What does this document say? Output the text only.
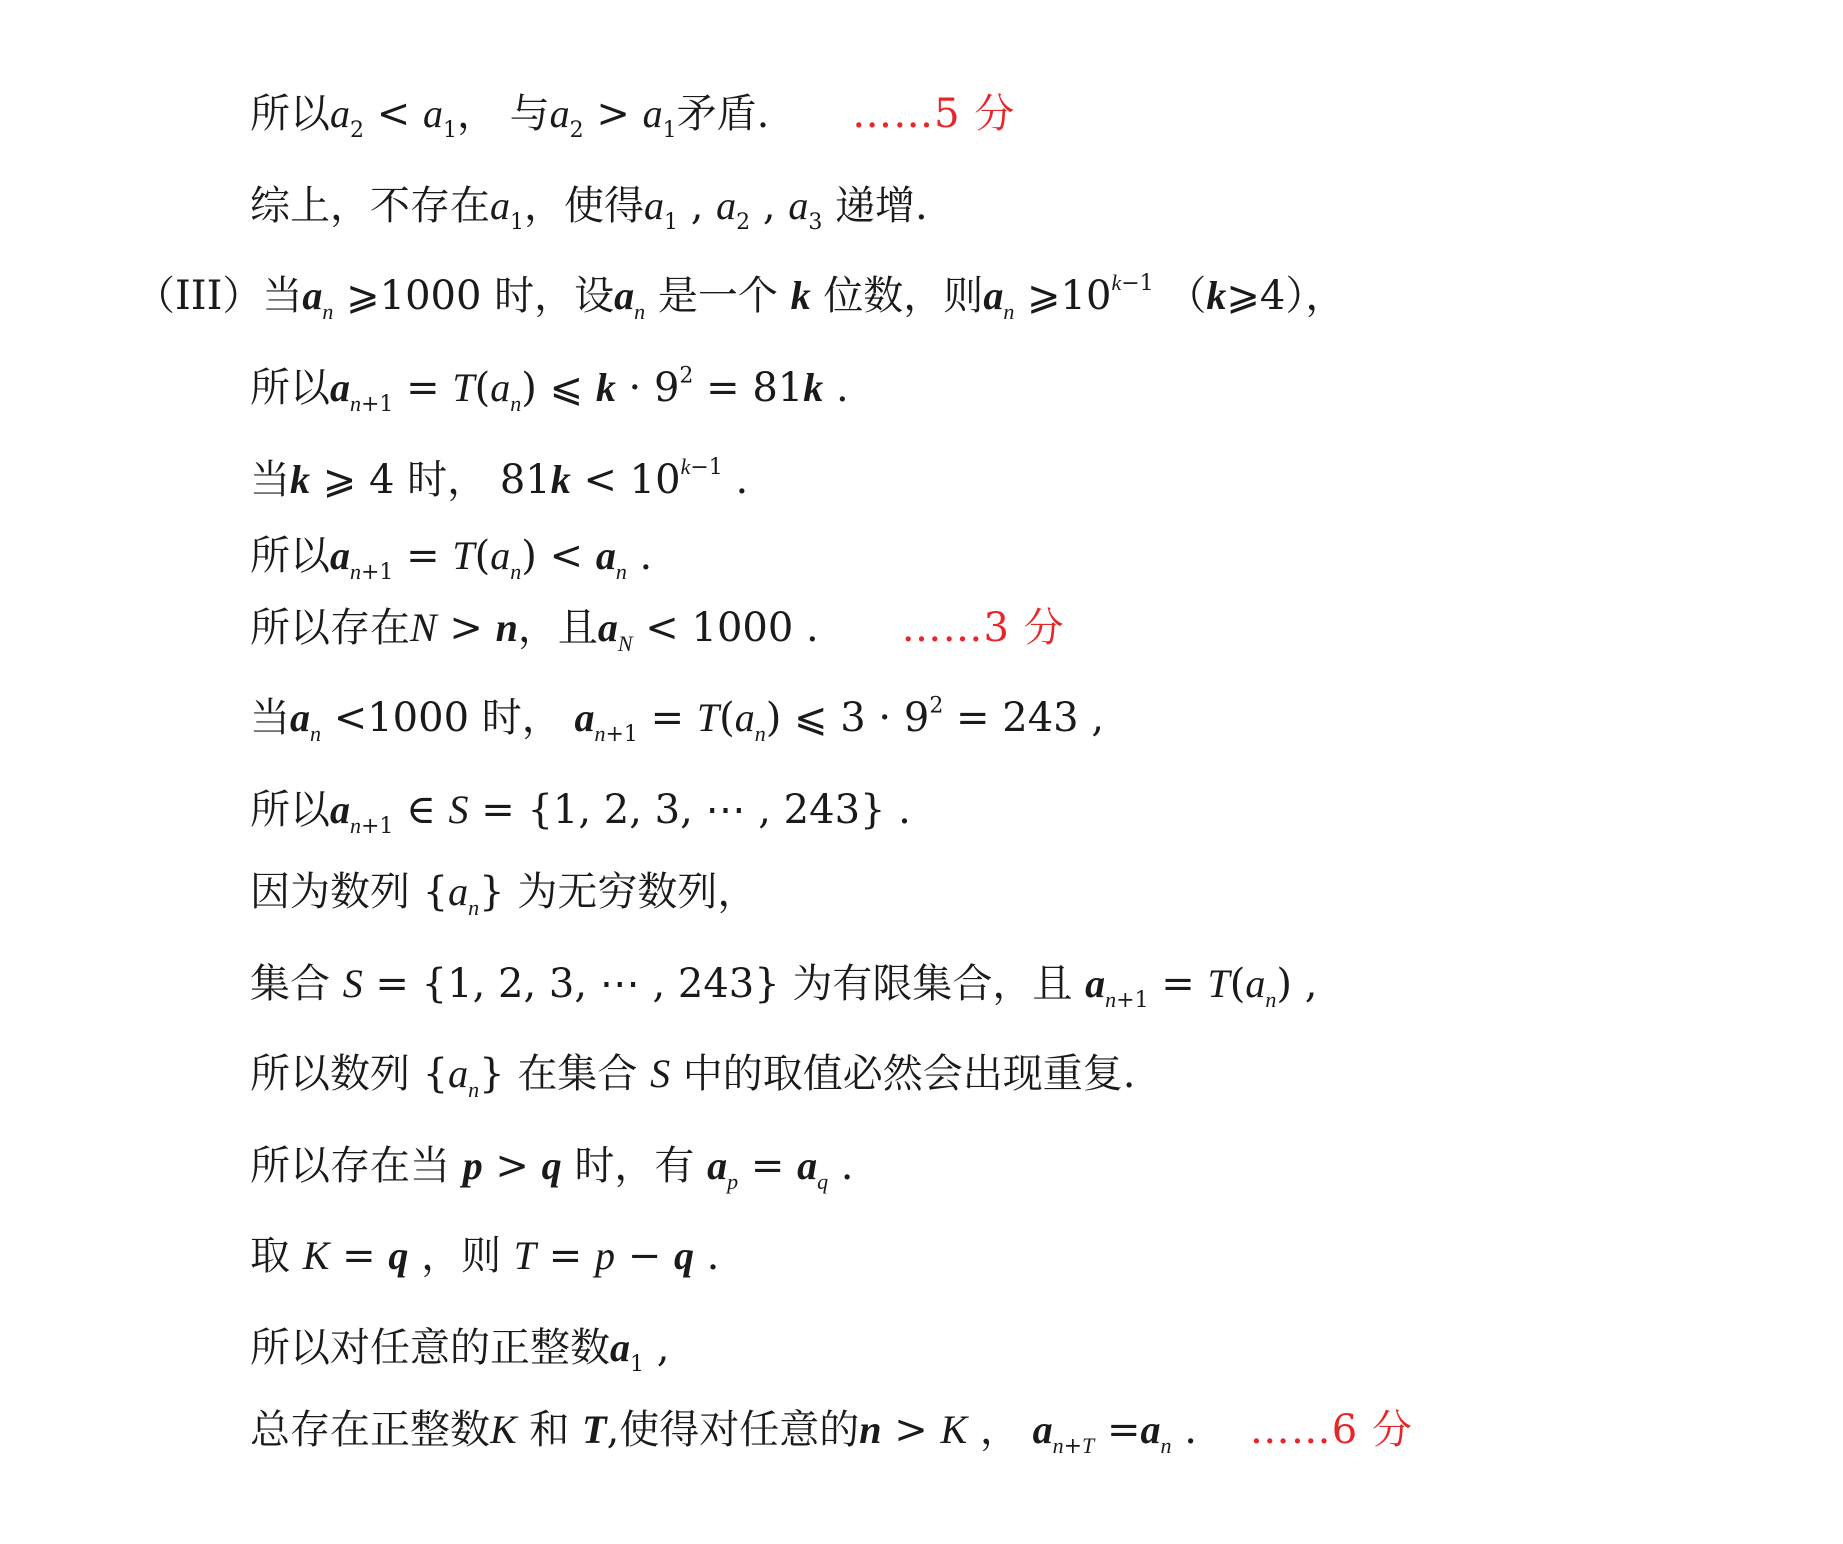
所以$a_2 < a_1$， 与$a_2 > a_1$矛盾. ……5 分
综上，不存在$a_1$，使得$a_1$ , $a_2$ , $a_3$ 递增.
（III）当$a_n$ ⩾1000 时，设$a_n$ 是一个 k 位数，则$a_n$ $⩾10^{k-1}$ （k⩾4），
所以$a_{n+1} = T(a_n)$ ⩽ $k \cdot 9^2 = 81k$ .
当k ⩾ 4 时， $81k < 10^{k-1}$ .
所以$a_{n+1} = T(a_n) < a_n$ .
所以存在N > n，且$a_N < 1000$ . ……3 分
当$a_n <1000$ 时， $a_{n+1} = T(a_n)$ ⩽ $3 \cdot 9^2 = 243$ ,
所以$a_{n+1}$ ∈ S = {1, 2, 3, ⋯ , 243} .
因为数列 $\{a_n\}$ 为无穷数列，
集合 S = {1, 2, 3, ⋯ , 243} 为有限集合，且 $a_{n+1} = T(a_n)$ ,
所以数列 $\{a_n\}$ 在集合 S 中的取值必然会出现重复.
所以存在当 p > q 时，有 $a_p = a_q$ .
取 K = q ，则 T = p − q .
所以对任意的正整数$a_1$ ,
总存在正整数K 和 T,使得对任意的n > K ， $a_{n+T} =a_n$ . ……6 分
